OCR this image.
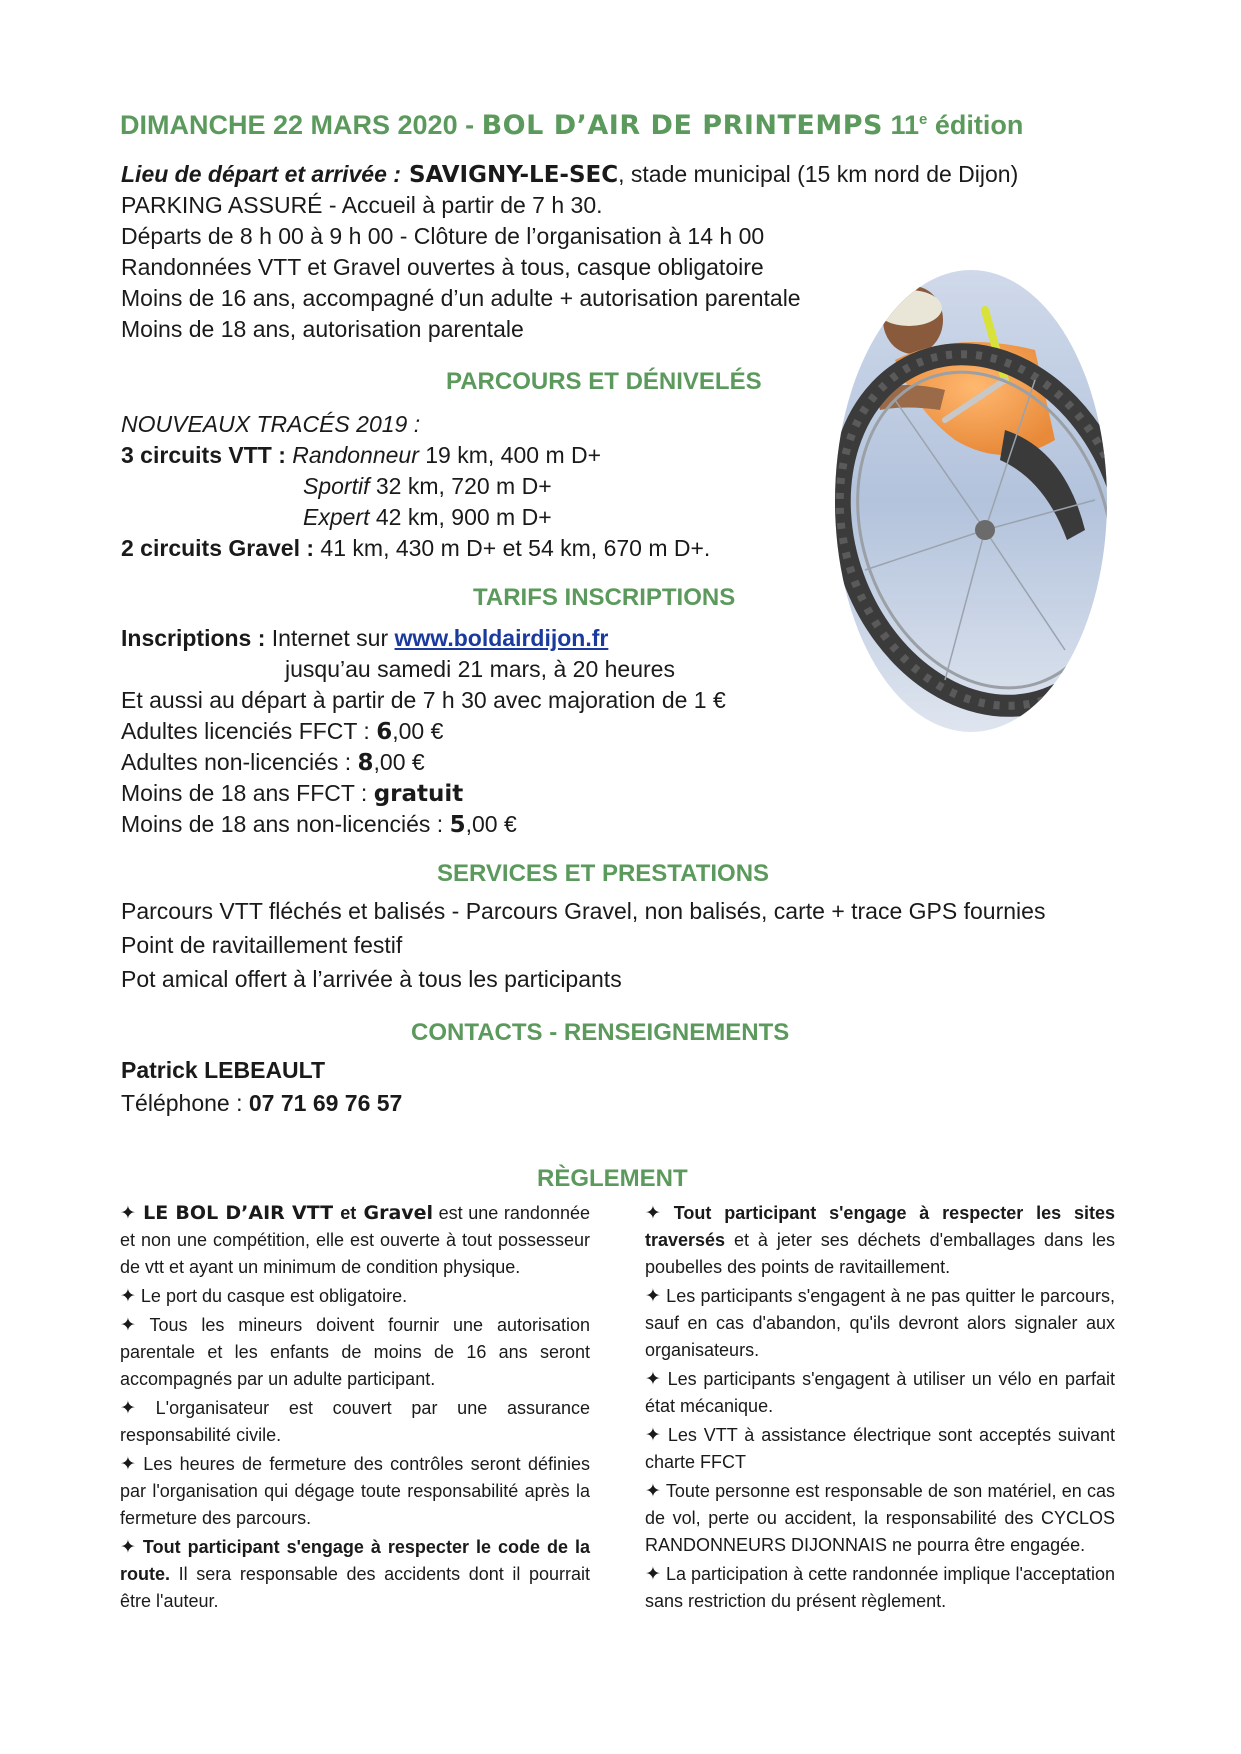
DIMANCHE 22 MARS 2020 - BOL D’AIR DE PRINTEMPS 11e édition
Lieu de départ et arrivée : SAVIGNY-LE-SEC, stade municipal (15 km nord de Dijon)
PARKING ASSURÉ - Accueil à partir de 7 h 30.
Départs de 8 h 00 à 9 h 00 - Clôture de l’organisation à 14 h 00
Randonnées VTT et Gravel ouvertes à tous, casque obligatoire
Moins de 16 ans, accompagné d’un adulte + autorisation parentale
Moins de 18 ans, autorisation parentale
PARCOURS ET DÉNIVELÉS
NOUVEAUX TRACÉS 2019 :
3 circuits VTT : Randonneur 19 km, 400 m D+
Sportif 32 km, 720 m D+
Expert 42 km, 900 m D+
2 circuits Gravel : 41 km, 430 m D+ et 54 km, 670 m D+.
TARIFS INSCRIPTIONS
Inscriptions : Internet sur www.boldairdijon.fr
jusqu’au samedi 21 mars, à 20 heures
Et aussi au départ à partir de 7 h 30 avec majoration de 1 €
Adultes licenciés FFCT : 6,00 €
Adultes non-licenciés : 8,00 €
Moins de 18 ans FFCT : gratuit
Moins de 18 ans non-licenciés : 5,00 €
SERVICES ET PRESTATIONS
Parcours VTT fléchés et balisés - Parcours Gravel, non balisés, carte + trace GPS fournies
Point de ravitaillement festif
Pot amical offert à l’arrivée à tous les participants
CONTACTS - RENSEIGNEMENTS
Patrick LEBEAULT
Téléphone : 07 71 69 76 57
RÈGLEMENT

✦ LE BOL D’AIR VTT et Gravel est une randonnée et non une compétition, elle est ouverte à tout possesseur de vtt et ayant un minimum de condition physique.

✦ Le port du casque est obligatoire.

✦ Tous les mineurs doivent fournir une autorisation parentale et les enfants de moins de 16 ans seront accompagnés par un adulte participant.

✦ L'organisateur est couvert par une assurance responsabilité civile.

✦ Les heures de fermeture des contrôles seront définies par l'organisation qui dégage toute responsabilité après la fermeture des parcours.

✦ Tout participant s'engage à respecter le code de la route. Il sera responsable des accidents dont il pourrait être l'auteur.

✦ Tout participant s'engage à respecter les sites traversés et à jeter ses déchets d'emballages dans les poubelles des points de ravitaillement.

✦ Les participants s'engagent à ne pas quitter le parcours, sauf en cas d'abandon, qu'ils devront alors signaler aux organisateurs.

✦ Les participants s'engagent à utiliser un vélo en parfait état mécanique.

✦ Les VTT à assistance électrique sont acceptés suivant charte FFCT

✦ Toute personne est responsable de son matériel, en cas de vol, perte ou accident, la responsabilité des CYCLOS RANDONNEURS DIJONNAIS ne pourra être engagée.

✦ La participation à cette randonnée implique l'acceptation sans restriction du présent règlement.
